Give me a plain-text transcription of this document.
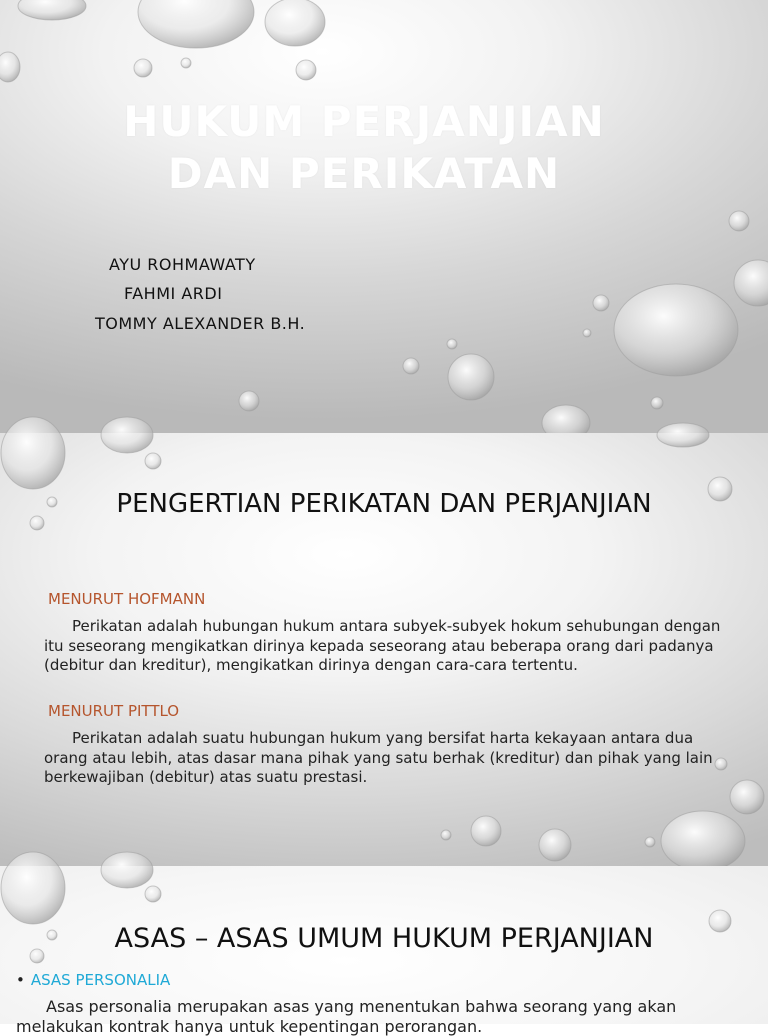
HUKUM PERJANJIAN
DAN PERIKATAN
AYU ROHMAWATY
FAHMI ARDI
TOMMY ALEXANDER B.H.
PENGERTIAN PERIKATAN DAN PERJANJIAN
MENURUT HOFMANN
Perikatan adalah hubungan hukum antara subyek-subyek hokum sehubungan dengan itu seseorang mengikatkan dirinya kepada seseorang atau beberapa orang dari padanya (debitur dan kreditur), mengikatkan dirinya dengan cara-cara tertentu.
MENURUT PITTLO
Perikatan adalah suatu hubungan hukum yang bersifat harta kekayaan antara dua orang atau lebih, atas dasar mana pihak yang satu berhak (kreditur) dan pihak yang lain berkewajiban (debitur) atas suatu prestasi.
ASAS – ASAS UMUM HUKUM PERJANJIAN
• ASAS PERSONALIA
Asas personalia merupakan asas yang menentukan bahwa seorang yang akan melakukan kontrak hanya untuk kepentingan perorangan.
